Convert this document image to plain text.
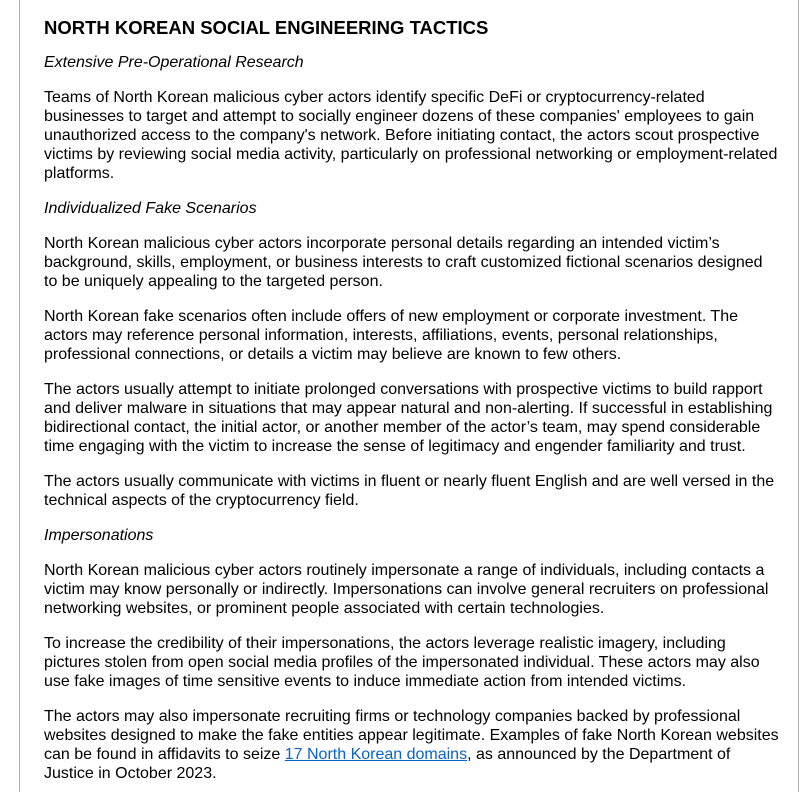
NORTH KOREAN SOCIAL ENGINEERING TACTICS
Extensive Pre-Operational Research

Teams of North Korean malicious cyber actors identify specific DeFi or cryptocurrency-related businesses to target and attempt to socially engineer dozens of these companies' employees to gain unauthorized access to the company's network. Before initiating contact, the actors scout prospective victims by reviewing social media activity, particularly on professional networking or employment-related platforms.

Individualized Fake Scenarios

North Korean malicious cyber actors incorporate personal details regarding an intended victim’s background, skills, employment, or business interests to craft customized fictional scenarios designed to be uniquely appealing to the targeted person.

North Korean fake scenarios often include offers of new employment or corporate investment. The actors may reference personal information, interests, affiliations, events, personal relationships, professional connections, or details a victim may believe are known to few others.

The actors usually attempt to initiate prolonged conversations with prospective victims to build rapport and deliver malware in situations that may appear natural and non-alerting. If successful in establishing bidirectional contact, the initial actor, or another member of the actor’s team, may spend considerable time engaging with the victim to increase the sense of legitimacy and engender familiarity and trust.

The actors usually communicate with victims in fluent or nearly fluent English and are well versed in the technical aspects of the cryptocurrency field.

Impersonations

North Korean malicious cyber actors routinely impersonate a range of individuals, including contacts a victim may know personally or indirectly. Impersonations can involve general recruiters on professional networking websites, or prominent people associated with certain technologies.

To increase the credibility of their impersonations, the actors leverage realistic imagery, including pictures stolen from open social media profiles of the impersonated individual. These actors may also use fake images of time sensitive events to induce immediate action from intended victims.

The actors may also impersonate recruiting firms or technology companies backed by professional websites designed to make the fake entities appear legitimate. Examples of fake North Korean websites can be found in affidavits to seize 17 North Korean domains, as announced by the Department of Justice in October 2023.
